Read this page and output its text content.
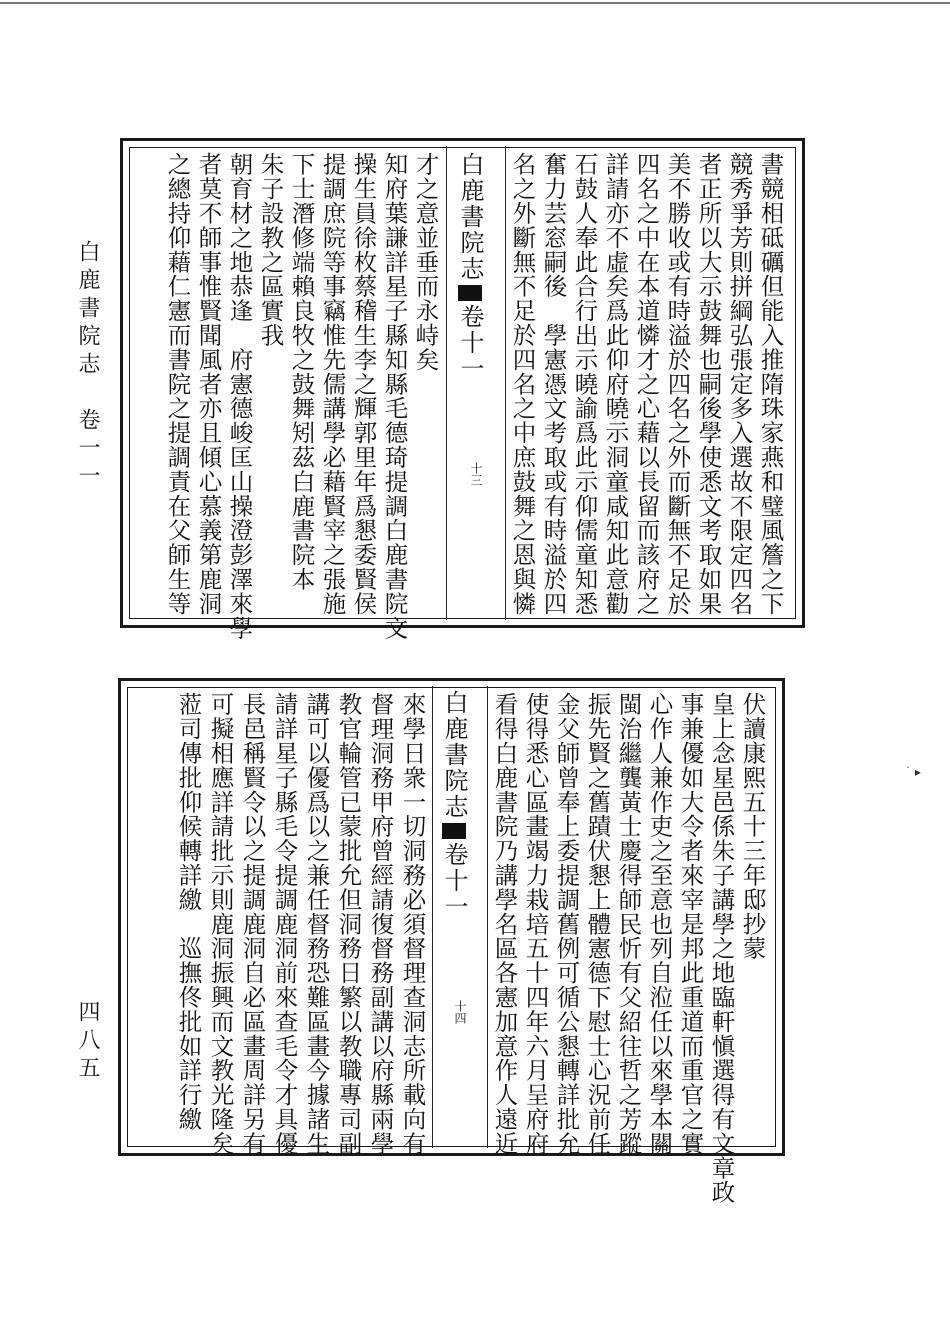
白鹿書院志　卷一一
四八五
˙ ▸
書競相砥礪但能入推隋珠家燕和璧風簷之下
競秀爭芳則拼綱弘張定多入選故不限定四名
者正所以大示鼓舞也嗣後學使悉文考取如果
美不勝收或有時溢於四名之外而斷無不足於
四名之中在本道憐才之心藉以長留而該府之
詳請亦不虛矣爲此仰府曉示洞童咸知此意勸
石鼓人奉此合行出示曉諭爲此示仰儒童知悉
奮力芸窓嗣後　學憲憑文考取或有時溢於四
名之外斷無不足於四名之中庶鼓舞之恩與憐
白鹿書院志卷十一
十三
才之意並垂而永峙矣
知府葉謙詳星子縣知縣毛德琦提調白鹿書院文
操生員徐枚蔡稽生李之輝郭里年爲懇委賢侯
提調庶院等事竊惟先儒講學必藉賢宰之張施
下士潛修端賴良牧之鼓舞矧茲白鹿書院本
朱子設教之區實我
朝育材之地恭逢　府憲德峻匡山操澄彭澤來學
者莫不師事惟賢聞風者亦且傾心慕義第鹿洞
之總持仰藉仁憲而書院之提調責在父師生等
伏讀康熙五十三年邸抄蒙
皇上念星邑係朱子講學之地臨軒愼選得有文章政
事兼優如大令者來宰是邦此重道而重官之實
心作人兼作吏之至意也列自涖任以來學本關
閩治繼龔黃士慶得師民忻有父紹往哲之芳蹤
振先賢之舊蹟伏懇上體憲德下慰士心況前任
金父師曾奉上委提調舊例可循公懇轉詳批允
使得悉心區畫竭力栽培五十四年六月呈府府
看得白鹿書院乃講學名區各憲加意作人遠近
白鹿書院志卷十一
十四
來學日衆一切洞務必須督理查洞志所載向有
督理洞務甲府曾經請復督務副講以府縣兩學
教官輪管已蒙批允但洞務日繁以教職專司副
講可以優爲以之兼任督務恐難區畫今據諸生
請詳星子縣毛令提調鹿洞前來查毛令才具優
長邑稱賢令以之提調鹿洞自必區畫周詳另有
可擬相應詳請批示則鹿洞振興而文教光隆矣
蒞司傳批仰候轉詳繳　巡撫佟批如詳行繳
